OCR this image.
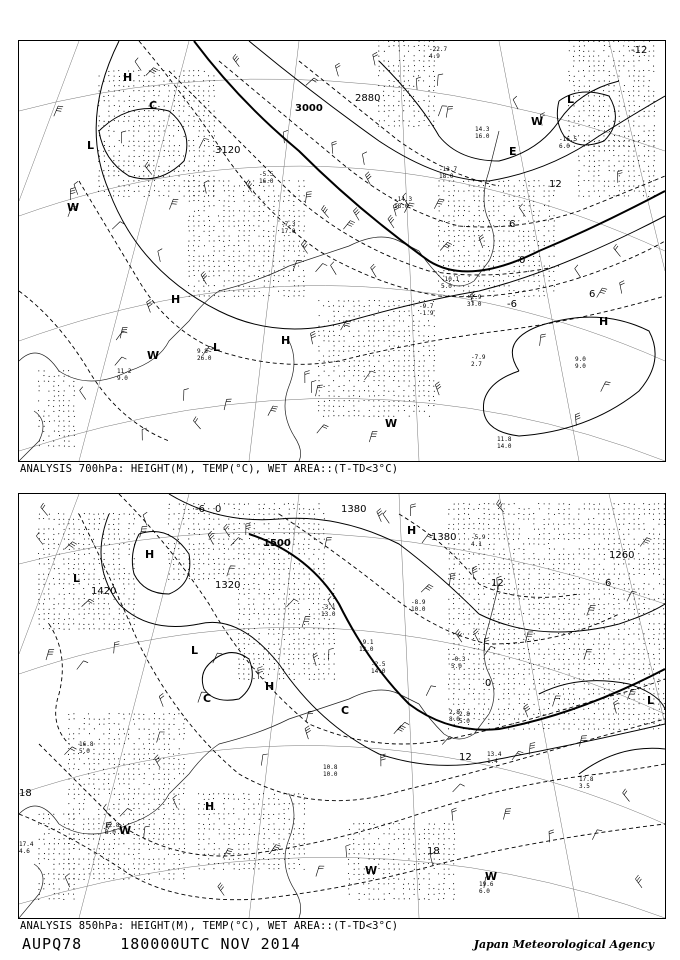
-5.5
16.0
-7.3
17.0
-13.7
18.0
-14.3
18.0
-10.1
5.0
-9.7
-1.9
-2.9
37.0
-7.9
2.7
9.0
9.0
11.8
14.0
11.2
9.0
9.8
26.0
14.3
16.0	-16.5
6.0
-22.7
4.9
3000
3120
2880
-12
12
6
0
-6
6
H
L
C
W
H
L
H
W
W
H
L
E
W
ANALYSIS 700hPa: HEIGHT(M), TEMP(°C), WET AREA::(T-TD<3°C)
-3.1
13.0
-9.1
13.0
-2.5
14.0
2.8
8.0
10.8
10.0
13.4
1.4
17.8
3.5
19.6
6.0
16.8
5.0
12.8
8.0
17.4
4.6
-5.9
4.1
-0.3
5.0
2.8
5.0
-8.9
10.0
1500
1420
1380
1260
1320
1380
18
18
12
0
6
12
-6 0
H
L
H
L
H
C
W
W	W
H
C	L
ANALYSIS 850hPa: HEIGHT(M), TEMP(°C), WET AREA::(T-TD<3°C)
AUPQ78	180000UTC NOV 2014	Japan Meteorological Agency
